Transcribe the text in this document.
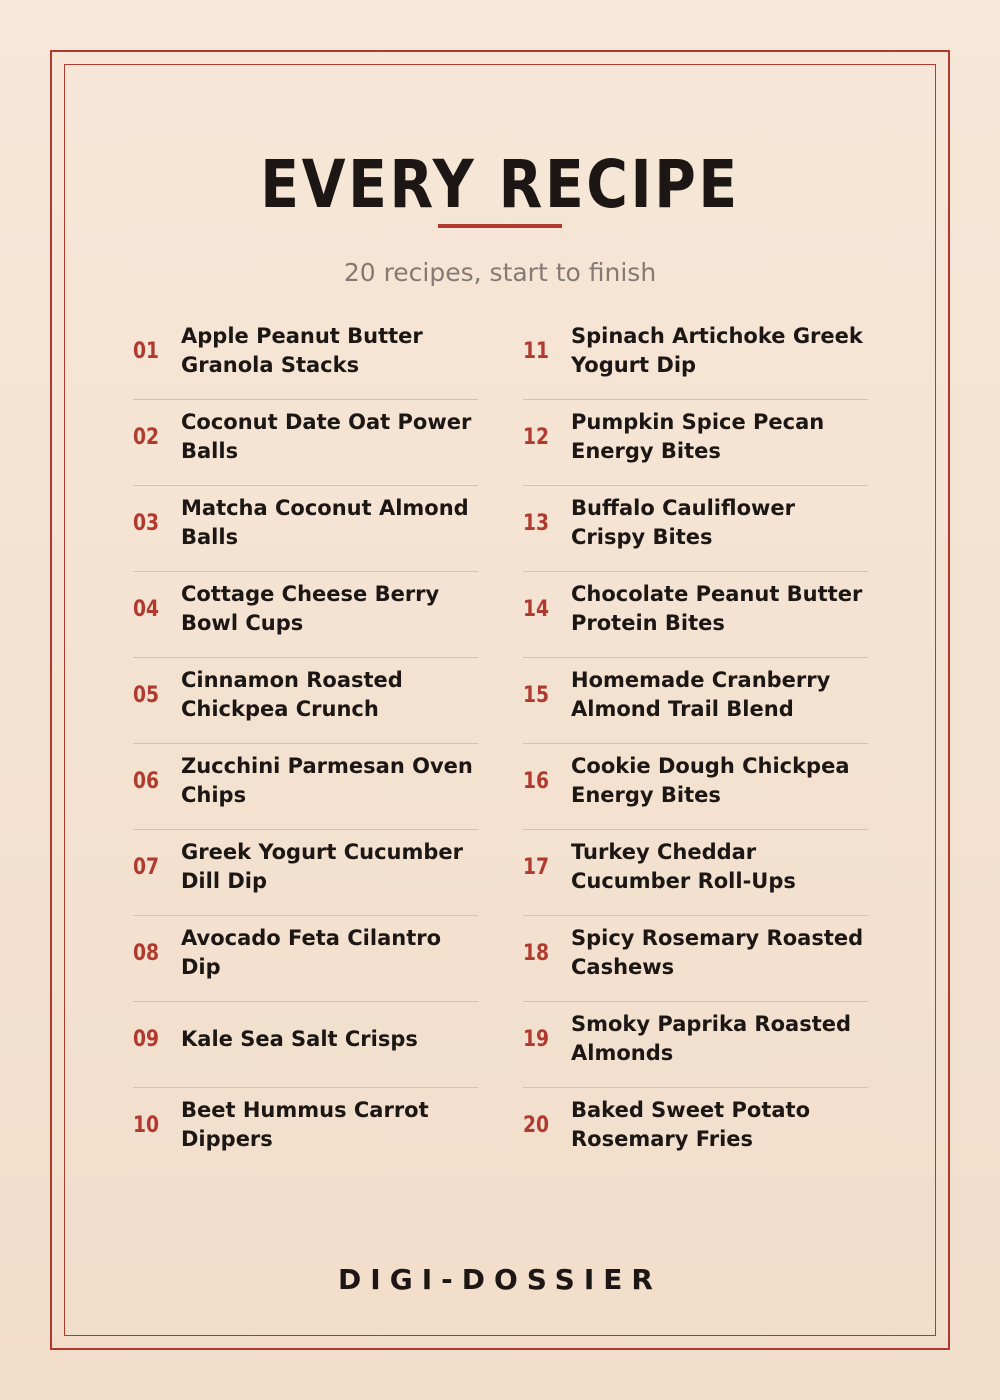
EVERY RECIPE

20 recipes, start to finish

01
Apple Peanut Butter Granola Stacks
02
Coconut Date Oat Power Balls
03
Matcha Coconut Almond Balls
04
Cottage Cheese Berry Bowl Cups
05
Cinnamon Roasted Chickpea Crunch
06
Zucchini Parmesan Oven Chips
07
Greek Yogurt Cucumber Dill Dip
08
Avocado Feta Cilantro Dip
09 Kale Sea Salt Crisps
10
Beet Hummus Carrot Dippers
11
Spinach Artichoke Greek Yogurt Dip
12
Pumpkin Spice Pecan Energy Bites
13
Buffalo Cauliflower Crispy Bites
14
Chocolate Peanut Butter Protein Bites
15
Homemade Cranberry Almond Trail Blend
16
Cookie Dough Chickpea Energy Bites
17
Turkey Cheddar Cucumber Roll-Ups
18
Spicy Rosemary Roasted Cashews
19
Smoky Paprika Roasted Almonds
20
Baked Sweet Potato Rosemary Fries

DIGI-DOSSIER
